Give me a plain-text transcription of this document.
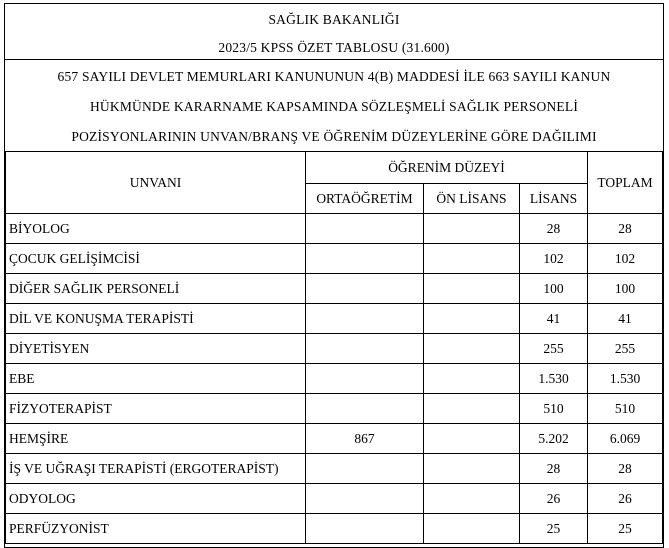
SAĞLIK BAKANLIĞI
2023/5 KPSS ÖZET TABLOSU (31.600)
657 SAYILI DEVLET MEMURLARI KANUNUNUN 4(B) MADDESİ İLE 663 SAYILI KANUN
HÜKMÜNDE KARARNAME KAPSAMINDA SÖZLEŞMELİ SAĞLIK PERSONELİ
POZİSYONLARININ UNVAN/BRANŞ VE ÖĞRENİM DÜZEYLERİNE GÖRE DAĞILIMI
UNVANI	ÖĞRENİM DÜZEYİ			TOPLAM
	ORTAÖĞRETİM	ÖN LİSANS	LİSANS	
BİYOLOG			28	28
ÇOCUK GELİŞİMCİSİ			102	102
DİĞER SAĞLIK PERSONELİ			100	100
DİL VE KONUŞMA TERAPİSTİ			41	41
DİYETİSYEN			255	255
EBE			1.530	1.530
FİZYOTERAPİST			510	510
HEMŞİRE	867		5.202	6.069
İŞ VE UĞRAŞI TERAPİSTİ (ERGOTERAPİST)			28	28
ODYOLOG			26	26
PERFÜZYONİST			25	25
